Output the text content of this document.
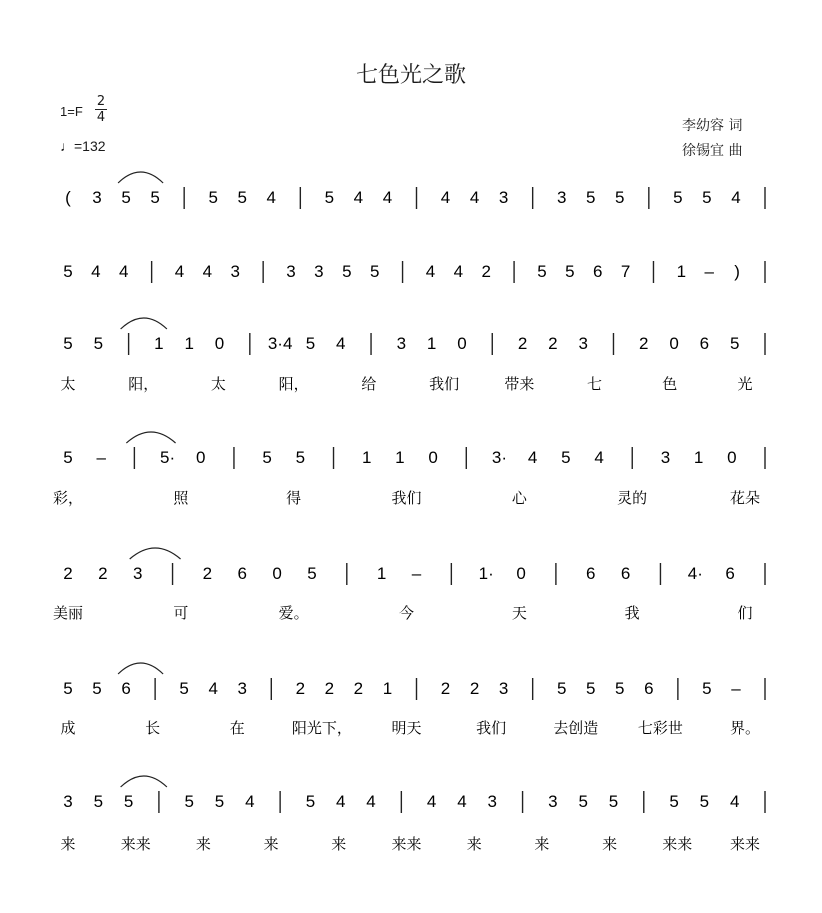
七色光之歌
1=F
2
4
♩=132
李幼容 词
徐锡宜 曲
( 3 5 5	5 5 4	5 4 4	4 4 3	3 5 5	5 5 4
5 4 4	4 4 3	3 3 5 5	4 4 2	5 5 6 7	1 – )
5 5	1 1 0	3·4 5 4	3 1 0	2 2 3	2 0 6 5
太	阳，	太	阳，	给	我们	带来	七	色	光
5 –	5· 0	5 5	1 1 0	3· 4 5 4	3 1 0
彩，	照	得	我们	心	灵的	花朵
2 2 3	2 6 0 5	1 –	1· 0	6 6	4· 6
美丽	可	爱。	今	天	我	们
5 5 6	5 4 3	2 2 2 1	2 2 3	5 5 5 6	5 –
成	长	在	阳光下，	明天	我们	去创造	七彩世	界。
3 5 5	5 5 4	5 4 4	4 4 3	3 5 5	5 5 4
来	来来	来	来	来	来来	来	来	来	来来	来来
